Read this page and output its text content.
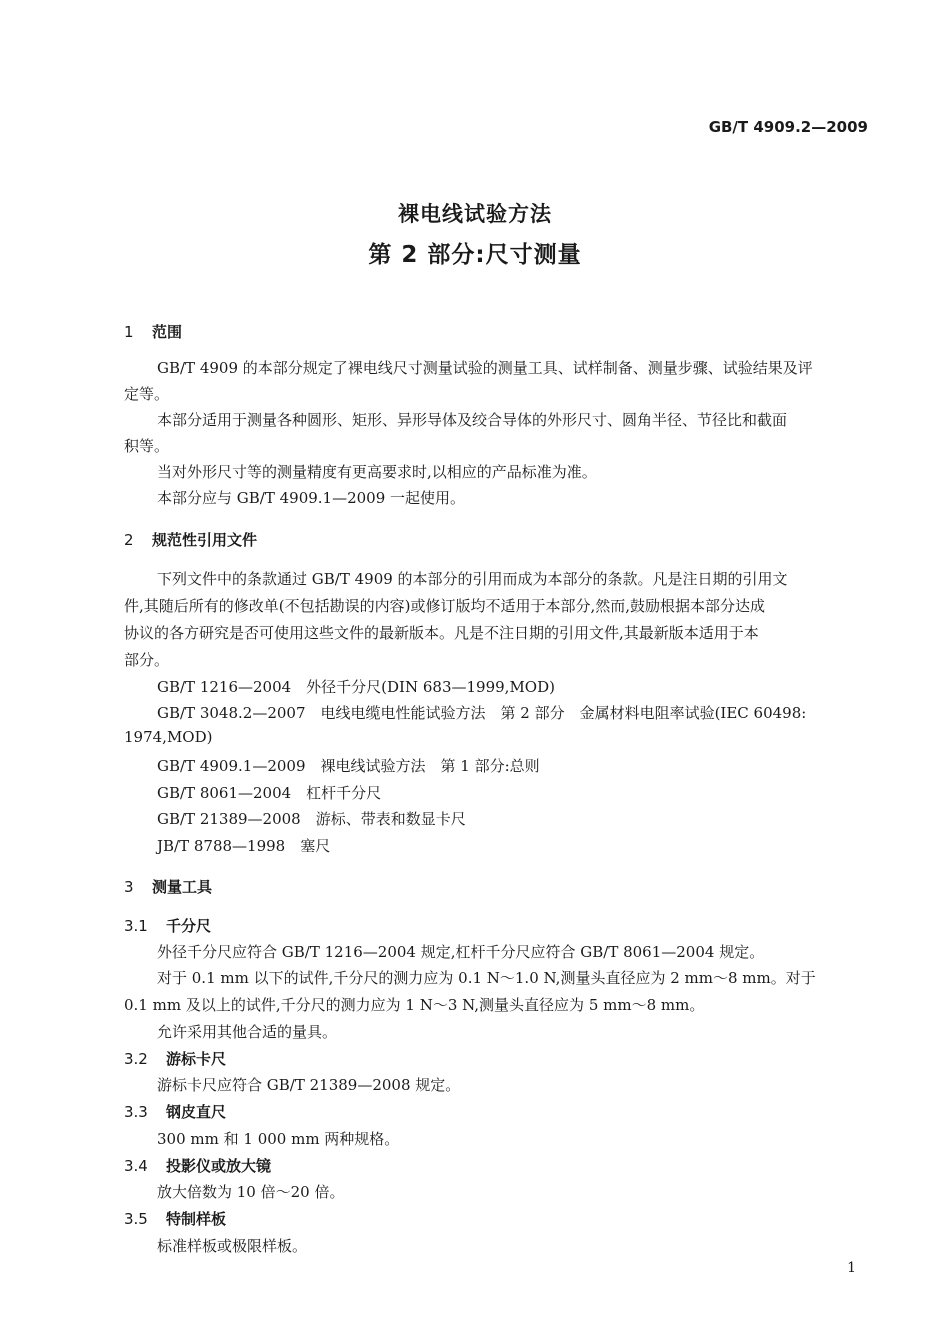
GB/T 4909.2—2009
裸电线试验方法
第 2 部分:尺寸测量
1 范围
GB/T 4909 的本部分规定了裸电线尺寸测量试验的测量工具、试样制备、测量步骤、试验结果及评
定等。
本部分适用于测量各种圆形、矩形、异形导体及绞合导体的外形尺寸、圆角半径、节径比和截面
积等。
当对外形尺寸等的测量精度有更高要求时,以相应的产品标准为准。
本部分应与 GB/T 4909.1—2009 一起使用。
2 规范性引用文件
下列文件中的条款通过 GB/T 4909 的本部分的引用而成为本部分的条款。凡是注日期的引用文
件,其随后所有的修改单(不包括勘误的内容)或修订版均不适用于本部分,然而,鼓励根据本部分达成
协议的各方研究是否可使用这些文件的最新版本。凡是不注日期的引用文件,其最新版本适用于本
部分。
GB/T 1216—2004　外径千分尺(DIN 683—1999,MOD)
GB/T 3048.2—2007　电线电缆电性能试验方法　第 2 部分　金属材料电阻率试验(IEC 60498:
1974,MOD)
GB/T 4909.1—2009　裸电线试验方法　第 1 部分:总则
GB/T 8061—2004　杠杆千分尺
GB/T 21389—2008　游标、带表和数显卡尺
JB/T 8788—1998　塞尺
3 测量工具
3.1 千分尺
外径千分尺应符合 GB/T 1216—2004 规定,杠杆千分尺应符合 GB/T 8061—2004 规定。
对于 0.1 mm 以下的试件,千分尺的测力应为 0.1 N～1.0 N,测量头直径应为 2 mm～8 mm。对于
0.1 mm 及以上的试件,千分尺的测力应为 1 N～3 N,测量头直径应为 5 mm～8 mm。
允许采用其他合适的量具。
3.2 游标卡尺
游标卡尺应符合 GB/T 21389—2008 规定。
3.3 钢皮直尺
300 mm 和 1 000 mm 两种规格。
3.4 投影仪或放大镜
放大倍数为 10 倍～20 倍。
3.5 特制样板
标准样板或极限样板。
1
